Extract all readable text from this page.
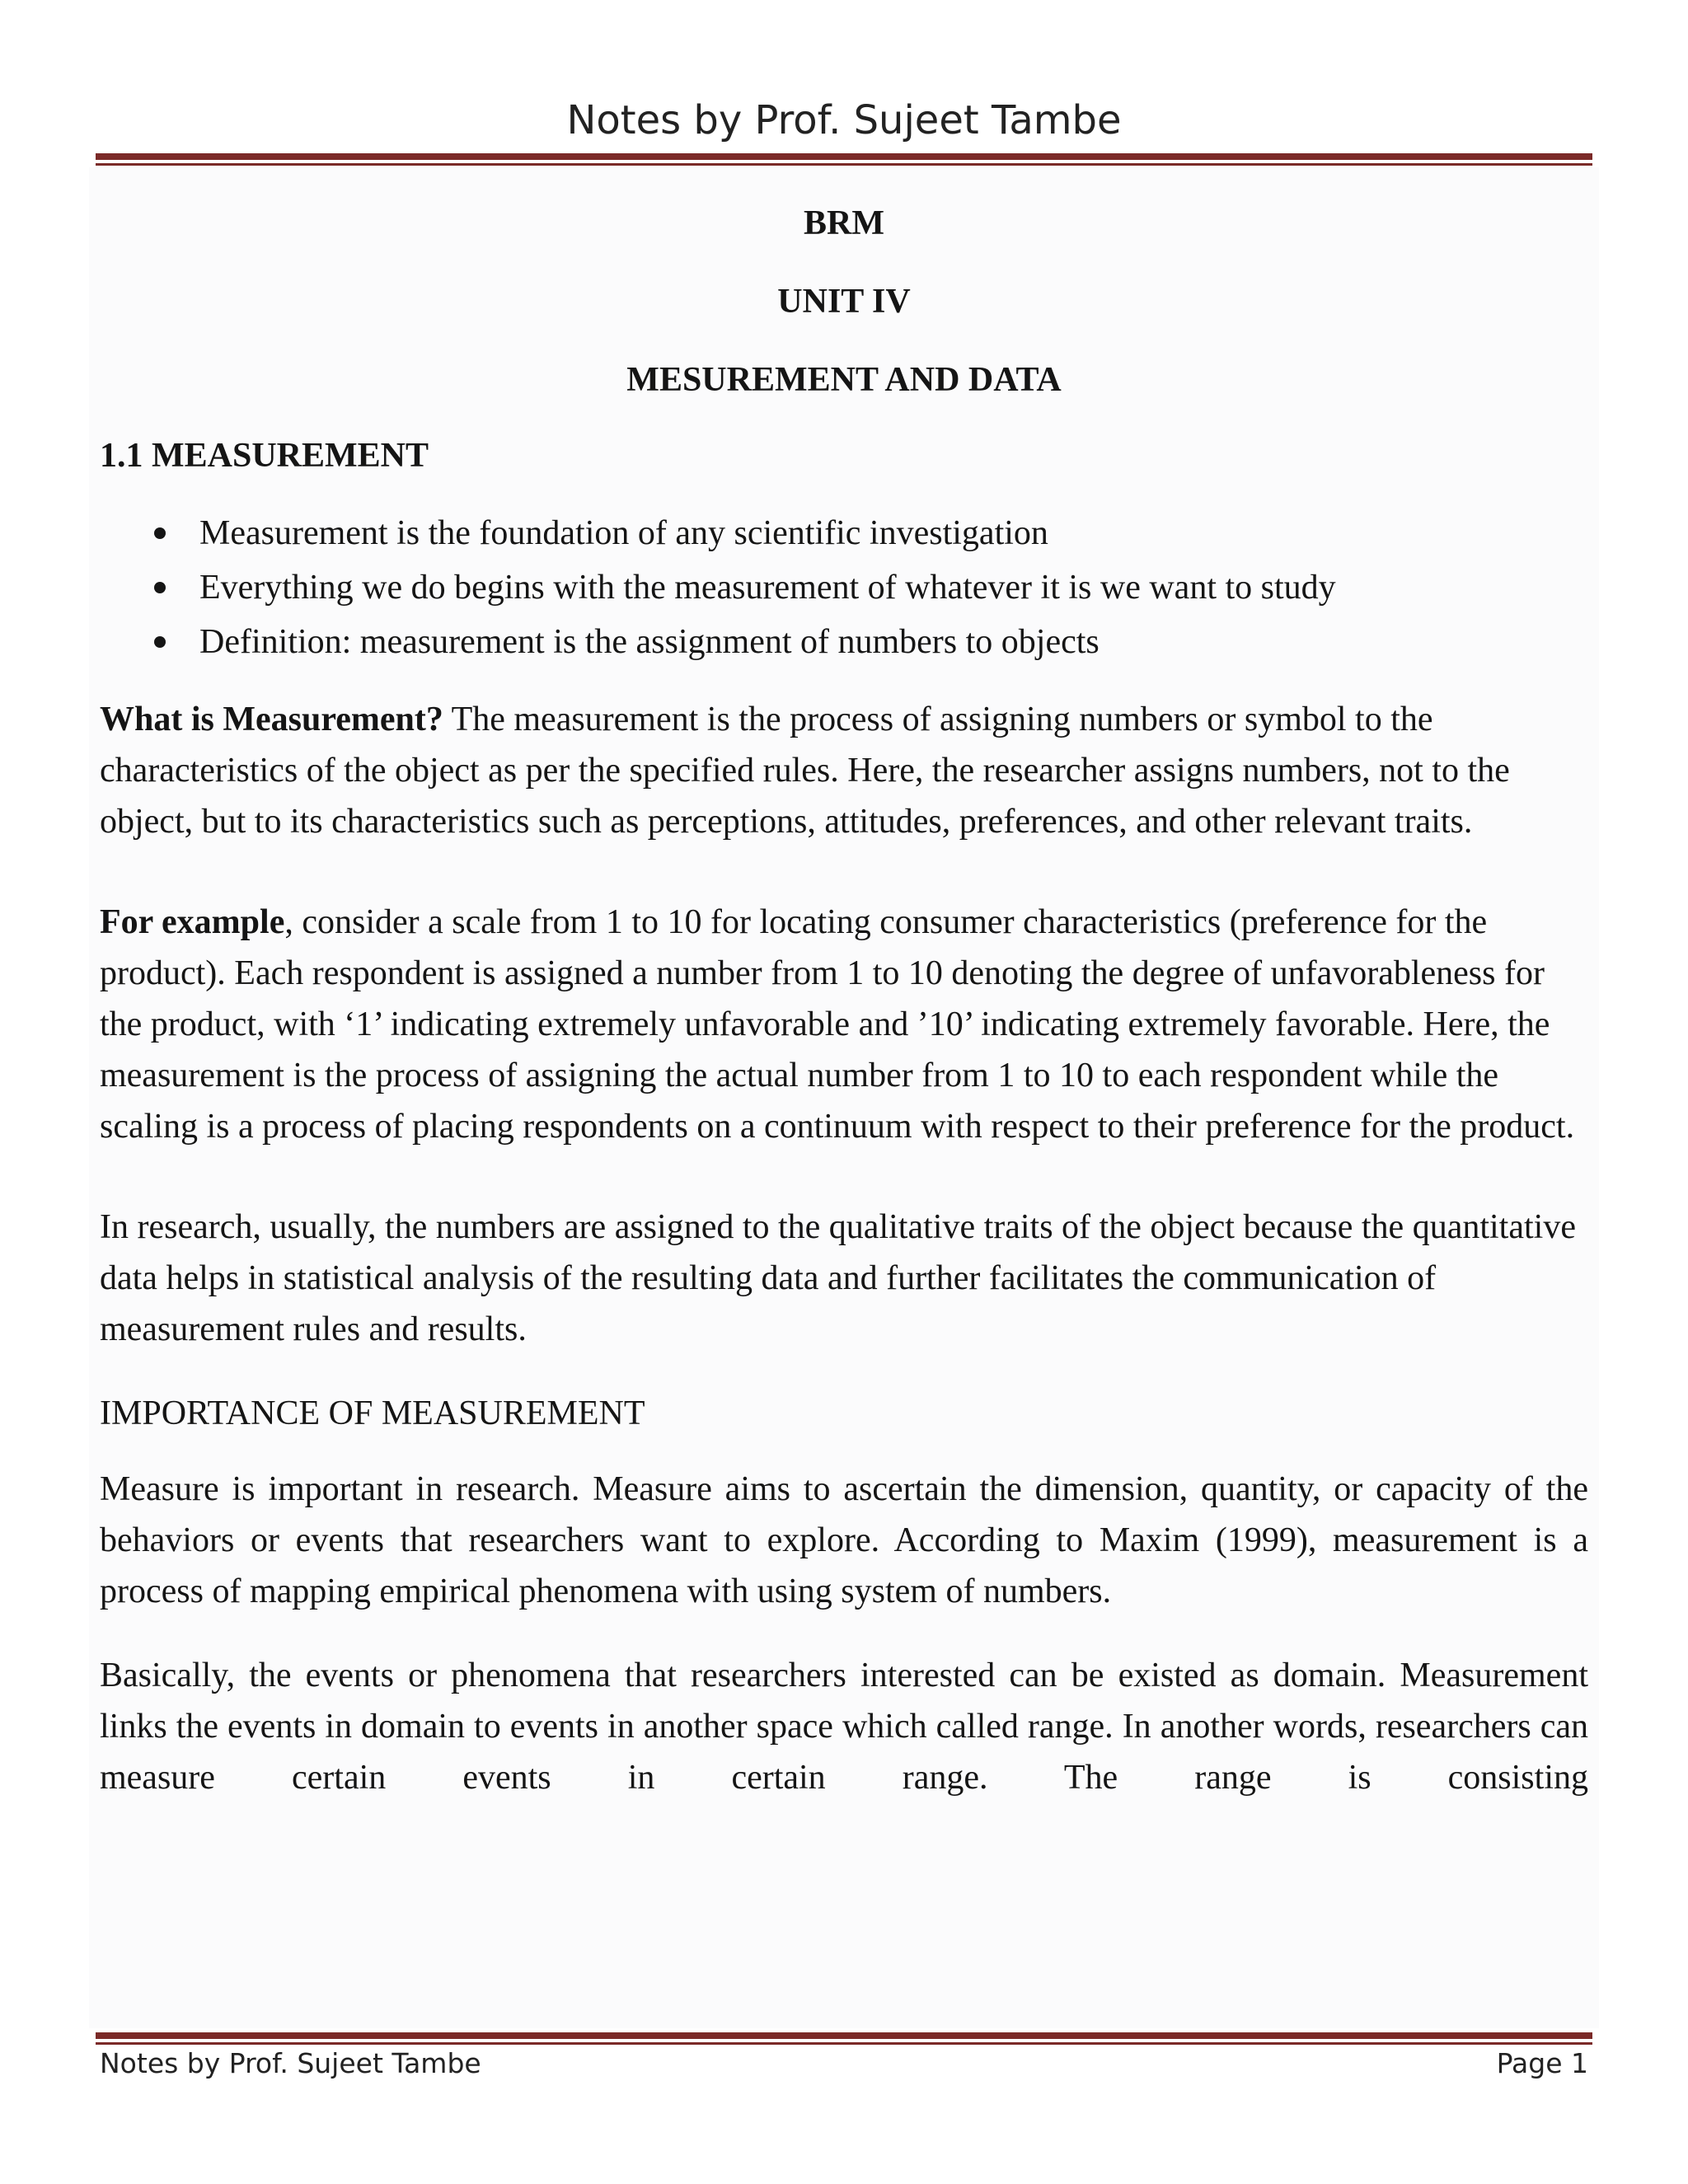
Notes by Prof. Sujeet Tambe
BRM
UNIT IV
MESUREMENT AND DATA
1.1 MEASUREMENT
Measurement is the foundation of any scientific investigation
Everything we do begins with the measurement of whatever it is we want to study
Definition: measurement is the assignment of numbers to objects

What is Measurement? The measurement is the process of assigning numbers or symbol to the characteristics of the object as per the specified rules. Here, the researcher assigns numbers, not to the object, but to its characteristics such as perceptions, attitudes, preferences, and other relevant traits.

For example, consider a scale from 1 to 10 for locating consumer characteristics (preference for the product). Each respondent is assigned a number from 1 to 10 denoting the degree of unfavorableness for the product, with ‘1’ indicating extremely unfavorable and ’10’ indicating extremely favorable. Here, the measurement is the process of assigning the actual number from 1 to 10 to each respondent while the scaling is a process of placing respondents on a continuum with respect to their preference for the product.

In research, usually, the numbers are assigned to the qualitative traits of the object because the quantitative data helps in statistical analysis of the resulting data and further facilitates the communication of measurement rules and results.

IMPORTANCE OF MEASUREMENT

Measure is important in research. Measure aims to ascertain the dimension, quantity, or capacity of the behaviors or events that researchers want to explore. According to Maxim (1999), measurement is a process of mapping empirical phenomena with using system of numbers.

Basically, the events or phenomena that researchers interested can be existed as domain. Measurement links the events in domain to events in another space which called range. In another words, researchers can measure certain events in certain range. The range is consisting

Notes by Prof. Sujeet Tambe	Page 1
